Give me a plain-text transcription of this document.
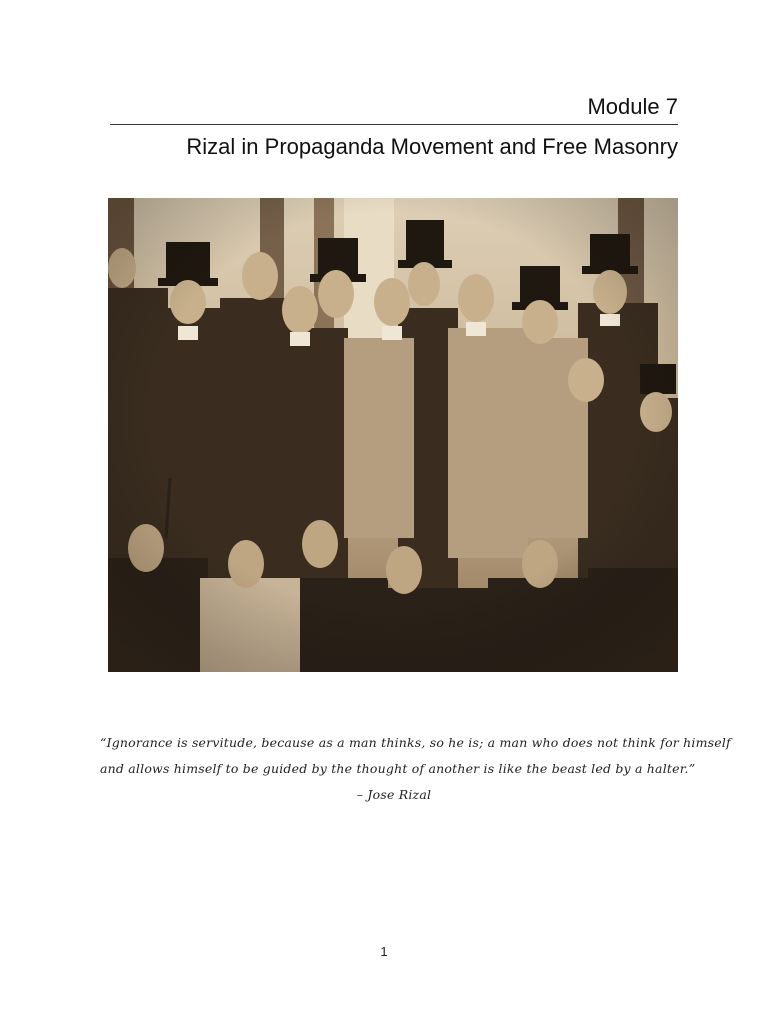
Module 7
Rizal in Propaganda Movement and Free Masonry
“Ignorance is servitude, because as a man thinks, so he is; a man who does not think for himself
and allows himself to be guided by the thought of another is like the beast led by a halter.”
– Jose Rizal
1
